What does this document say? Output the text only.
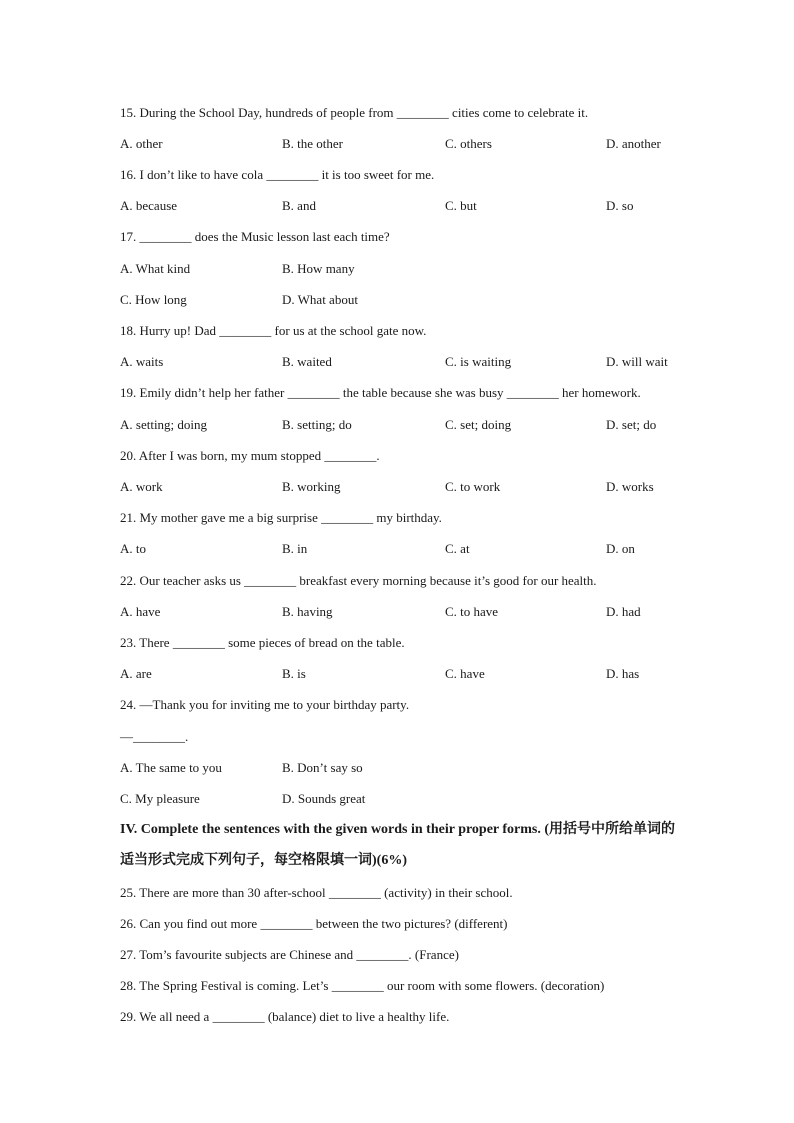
15. During the School Day, hundreds of people from ________ cities come to celebrate it.
A. other	B. the other	C. others	D. another
16. I don’t like to have cola ________ it is too sweet for me.
A. because	B. and	C. but	D. so
17. ________ does the Music lesson last each time?
A. What kind	B. How many
C. How long	D. What about
18. Hurry up! Dad ________ for us at the school gate now.
A. waits	B. waited	C. is waiting	D. will wait
19. Emily didn’t help her father ________ the table because she was busy ________ her homework.
A. setting; doing	B. setting; do	C. set; doing	D. set; do
20. After I was born, my mum stopped ________.
A. work	B. working	C. to work	D. works
21. My mother gave me a big surprise ________ my birthday.
A. to	B. in	C. at	D. on
22. Our teacher asks us ________ breakfast every morning because it’s good for our health.
A. have	B. having	C. to have	D. had
23. There ________ some pieces of bread on the table.
A. are	B. is	C. have	D. has
24. —Thank you for inviting me to your birthday party.
—________.
A. The same to you	B. Don’t say so
C. My pleasure	D. Sounds great
IV. Complete the sentences with the given words in their proper forms. (用括号中所给单词的适当形式完成下列句子，每空格限填一词)(6%)
25. There are more than 30 after-school ________ (activity) in their school.
26. Can you find out more ________ between the two pictures? (different)
27. Tom’s favourite subjects are Chinese and ________. (France)
28. The Spring Festival is coming. Let’s ________ our room with some flowers. (decoration)
29. We all need a ________ (balance) diet to live a healthy life.
